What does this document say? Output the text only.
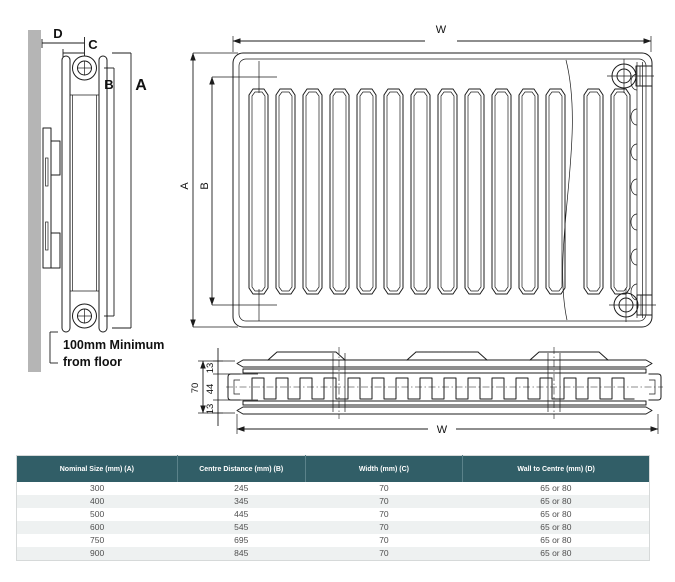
D
C
B A
100mm Minimum
from floor
W
A B
70
13
44
13
W
Nominal Size (mm) (A)	Centre Distance (mm) (B)	Width (mm) (C)	Wall to Centre (mm) (D)
300	245	70	65 or 80
400	345	70	65 or 80
500	445	70	65 or 80
600	545	70	65 or 80
750	695	70	65 or 80
900	845	70	65 or 80
